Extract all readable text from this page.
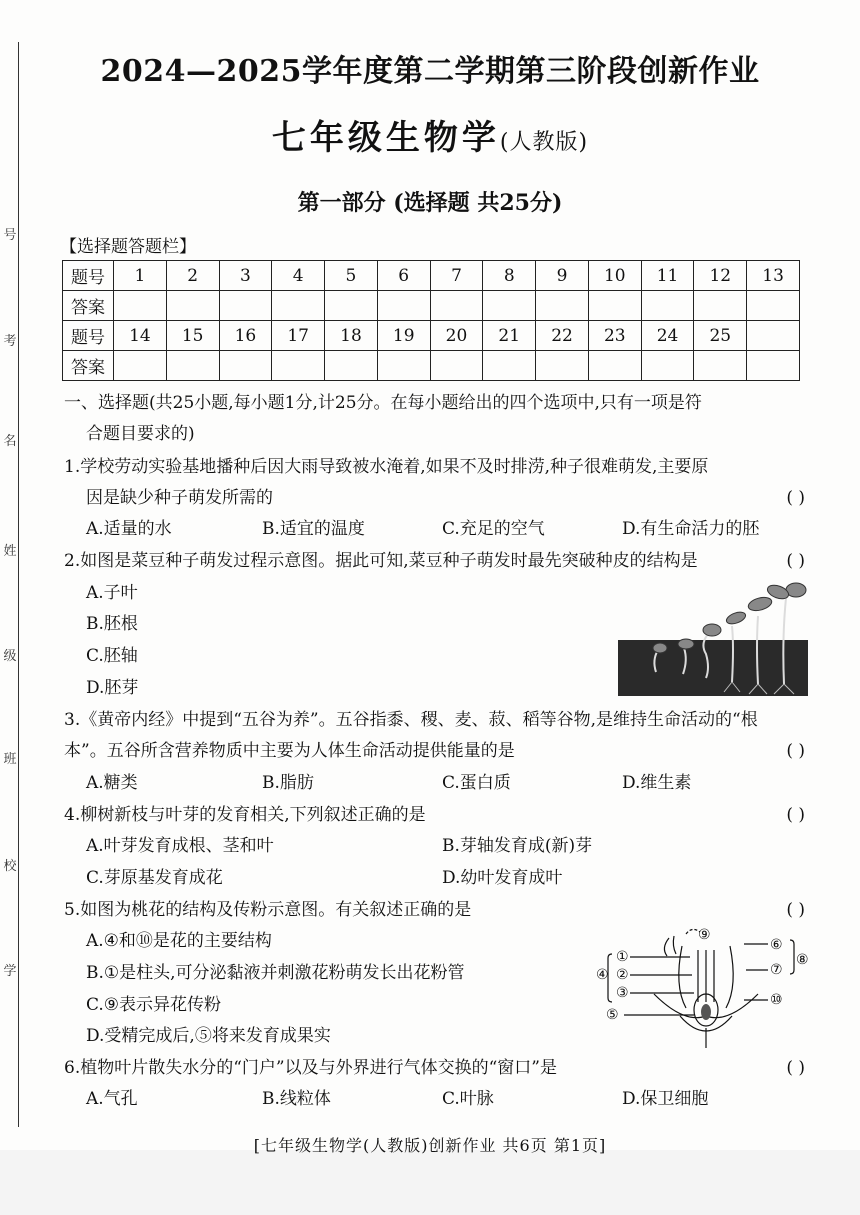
号
考
名
姓
级
班
校
学
2024—2025学年度第二学期第三阶段创新作业
七年级生物学(人教版)
第一部分 (选择题 共25分)
【选择题答题栏】
题号	1	2	3	4	5	6	7	8	9	10	11	12	13
答案													
题号	14	15	16	17	18	19	20	21	22	23	24	25	
答案													
一、选择题(共25小题,每小题1分,计25分。在每小题给出的四个选项中,只有一项是符
合题目要求的)
1.学校劳动实验基地播种后因大雨导致被水淹着,如果不及时排涝,种子很难萌发,主要原
因是缺少种子萌发所需的	( )
A.适量的水	B.适宜的温度	C.充足的空气	D.有生命活力的胚
2.如图是菜豆种子萌发过程示意图。据此可知,菜豆种子萌发时最先突破种皮的结构是	( )
A.子叶
B.胚根
C.胚轴
D.胚芽
3.《黄帝内经》中提到“五谷为养”。五谷指黍、稷、麦、菽、稻等谷物,是维持生命活动的“根
本”。五谷所含营养物质中主要为人体生命活动提供能量的是	( )
A.糖类	B.脂肪	C.蛋白质	D.维生素
4.柳树新枝与叶芽的发育相关,下列叙述正确的是	( )
A.叶芽发育成根、茎和叶	B.芽轴发育成(新)芽
C.芽原基发育成花	D.幼叶发育成叶
5.如图为桃花的结构及传粉示意图。有关叙述正确的是	( )
A.④和⑩是花的主要结构
B.①是柱头,可分泌黏液并刺激花粉萌发长出花粉管
C.⑨表示异花传粉
D.受精完成后,⑤将来发育成果实
①
②
③
④
⑤
⑥
⑦
⑧
⑨
⑩
6.植物叶片散失水分的“门户”以及与外界进行气体交换的“窗口”是	( )
A.气孔	B.线粒体	C.叶脉	D.保卫细胞
[七年级生物学(人教版)创新作业 共6页 第1页]
